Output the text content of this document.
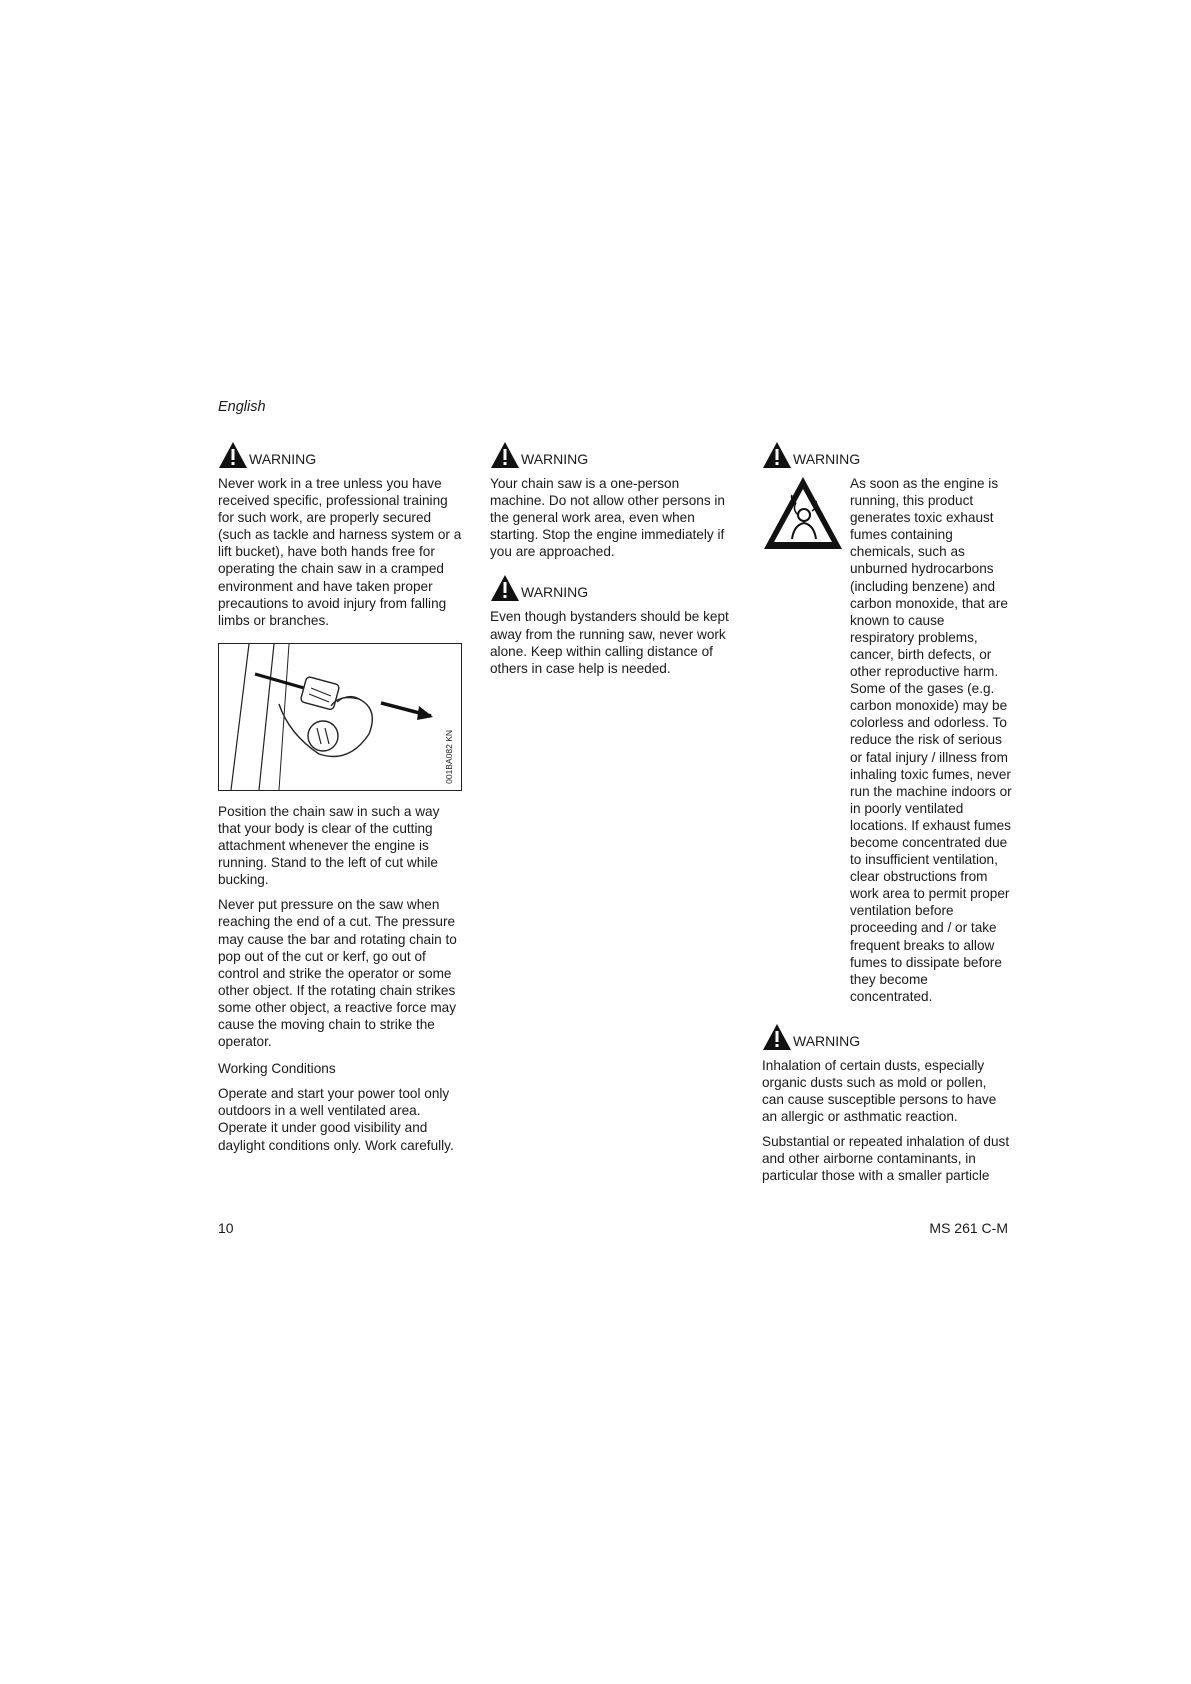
English
WARNING

Never work in a tree unless you have received specific, professional training for such work, are properly secured (such as tackle and harness system or a lift bucket), have both hands free for operating the chain saw in a cramped environment and have taken proper precautions to avoid injury from falling limbs or branches.

001BA082 KN

Position the chain saw in such a way that your body is clear of the cutting attachment whenever the engine is running. Stand to the left of cut while bucking.

Never put pressure on the saw when reaching the end of a cut. The pressure may cause the bar and rotating chain to pop out of the cut or kerf, go out of control and strike the operator or some other object. If the rotating chain strikes some other object, a reactive force may cause the moving chain to strike the operator.

Working Conditions

Operate and start your power tool only outdoors in a well ventilated area. Operate it under good visibility and daylight conditions only. Work carefully.

WARNING

Your chain saw is a one-person machine. Do not allow other persons in the general work area, even when starting. Stop the engine immediately if you are approached.

WARNING

Even though bystanders should be kept away from the running saw, never work alone. Keep within calling distance of others in case help is needed.

WARNING

As soon as the engine is running, this product generates toxic exhaust fumes containing chemicals, such as unburned hydrocarbons (including benzene) and carbon monoxide, that are known to cause respiratory problems, cancer, birth defects, or other reproductive harm. Some of the gases (e.g. carbon monoxide) may be colorless and odorless. To reduce the risk of serious or fatal injury / illness from inhaling toxic fumes, never run the machine indoors or in poorly ventilated locations. If exhaust fumes become concentrated due to insufficient ventilation, clear obstructions from work area to permit proper ventilation before proceeding and / or take frequent breaks to allow fumes to dissipate before they become concentrated.

WARNING

Inhalation of certain dusts, especially organic dusts such as mold or pollen, can cause susceptible persons to have an allergic or asthmatic reaction.

Substantial or repeated inhalation of dust and other airborne contaminants, in particular those with a smaller particle

10	MS 261 C-M
